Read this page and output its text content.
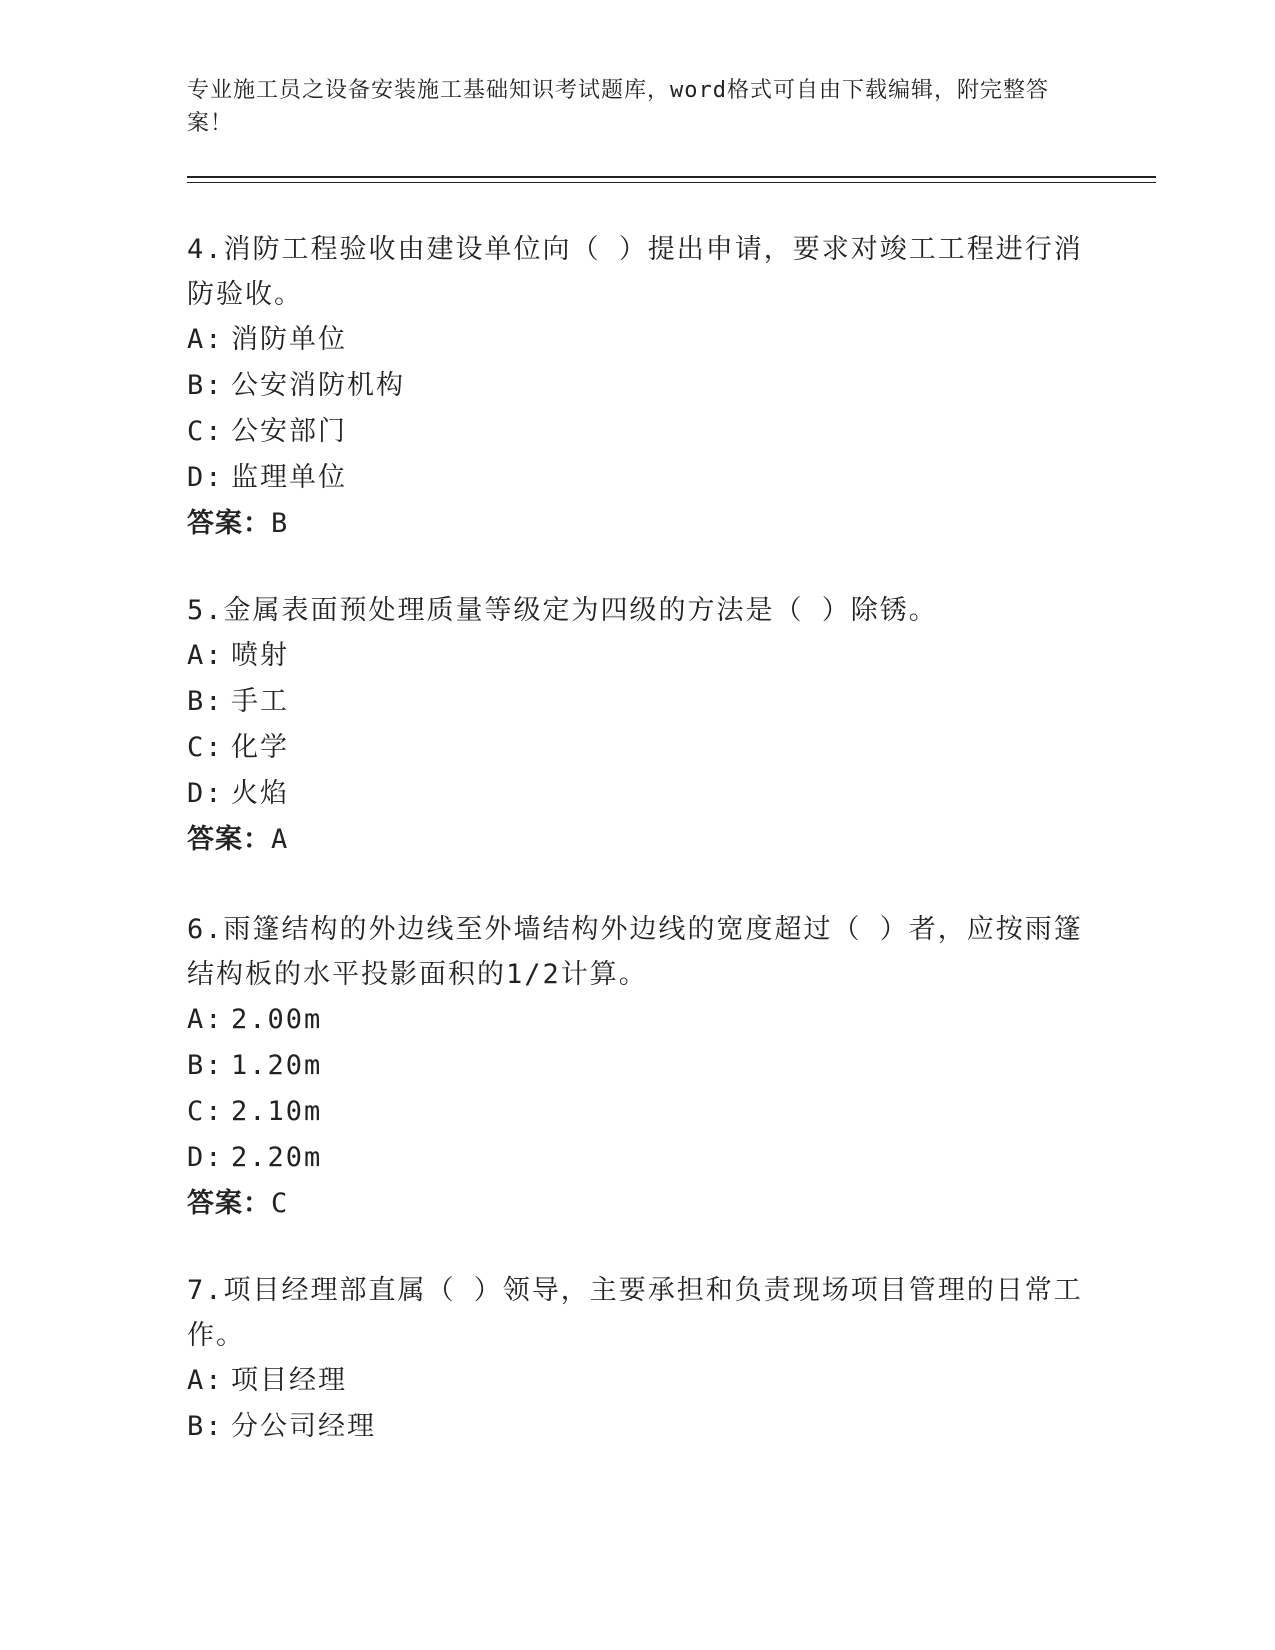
专业施工员之设备安装施工基础知识考试题库，word格式可自由下载编辑，附完整答案！

4.消防工程验收由建设单位向（ ）提出申请，要求对竣工工程进行消防验收。

A: 消防单位

B: 公安消防机构

C: 公安部门

D: 监理单位

答案：B

5.金属表面预处理质量等级定为四级的方法是（ ）除锈。

A: 喷射

B: 手工

C: 化学

D: 火焰

答案：A

6.雨篷结构的外边线至外墙结构外边线的宽度超过（ ）者，应按雨篷结构板的水平投影面积的1/2计算。

A: 2.00m

B: 1.20m

C: 2.10m

D: 2.20m

答案：C

7.项目经理部直属（ ）领导，主要承担和负责现场项目管理的日常工作。

A: 项目经理

B: 分公司经理
